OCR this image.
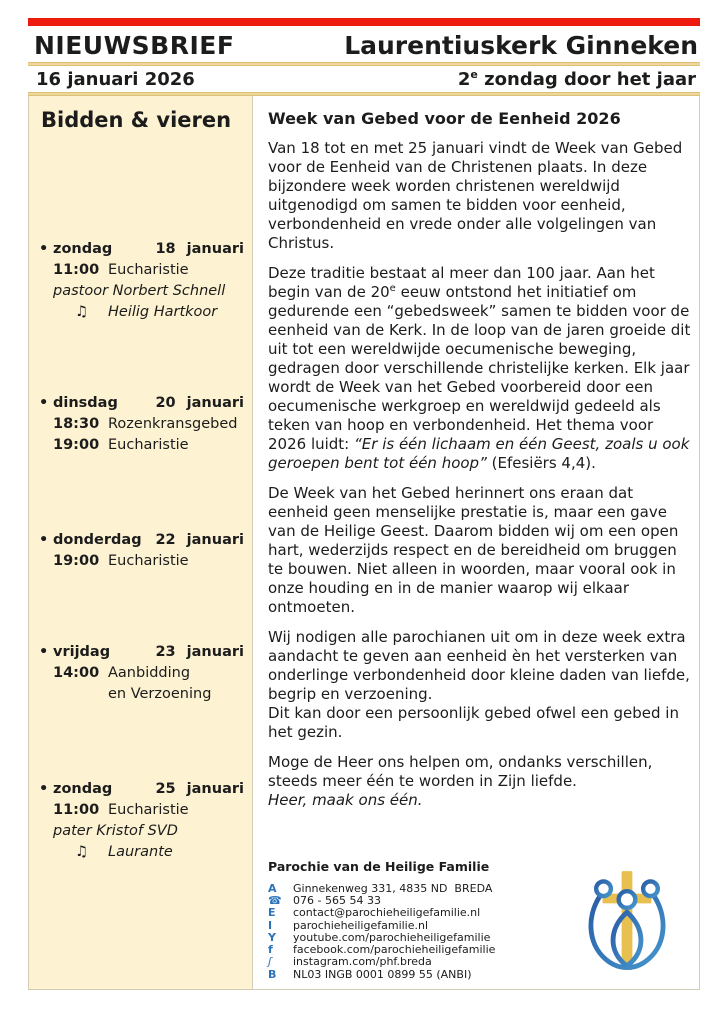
NIEUWSBRIEF	Laurentiuskerk Ginneken
16 januari 2026	2e zondag door het jaar
Bidden & vieren
• zondag	18 januari
11:00 Eucharistie
pastoor Norbert Schnell
♫	Heilig Hartkoor
• dinsdag	20 januari
18:30 Rozenkransgebed
19:00 Eucharistie
• donderdag 22 januari
19:00 Eucharistie
• vrijdag	23 januari
14:00 Aanbidding
en Verzoening
• zondag	25 januari
11:00 Eucharistie
pater Kristof SVD
♫	Laurante
Week van Gebed voor de Eenheid 2026

Van 18 tot en met 25 januari vindt de Week van Gebed voor de Eenheid van de Christenen plaats. In deze bijzondere week worden christenen wereldwijd uitgenodigd om samen te bidden voor eenheid, verbondenheid en vrede onder alle volgelingen van Christus.

Deze traditie bestaat al meer dan 100 jaar. Aan het begin van de 20e eeuw ontstond het initiatief om gedurende een “gebedsweek” samen te bidden voor de eenheid van de Kerk. In de loop van de jaren groeide dit uit tot een wereldwijde oecumenische beweging, gedragen door verschillende christelijke kerken. Elk jaar wordt de Week van het Gebed voorbereid door een oecumenische werkgroep en wereldwijd gedeeld als teken van hoop en verbondenheid. Het thema voor 2026 luidt: “Er is één lichaam en één Geest, zoals u ook geroepen bent tot één hoop” (Efesiërs 4,4).

De Week van het Gebed herinnert ons eraan dat eenheid geen menselijke prestatie is, maar een gave van de Heilige Geest. Daarom bidden wij om een open hart, wederzijds respect en de bereidheid om bruggen te bouwen. Niet alleen in woorden, maar vooral ook in onze houding en in de manier waarop wij elkaar ontmoeten.

Wij nodigen alle parochianen uit om in deze week extra aandacht te geven aan eenheid èn het versterken van onderlinge verbondenheid door kleine daden van liefde, begrip en verzoening.
Dit kan door een persoonlijk gebed ofwel een gebed in het gezin.

Moge de Heer ons helpen om, ondanks verschillen, steeds meer één te worden in Zijn liefde.
Heer, maak ons één.

Parochie van de Heilige Familie
A	Ginnekenweg 331, 4835 ND  BREDA
☎	076 - 565 54 33
E	contact@parochieheiligefamilie.nl
I	parochieheiligefamilie.nl
Y	youtube.com/parochieheiligefamilie
f	facebook.com/parochieheiligefamilie
ʃ	instagram.com/phf.breda
B	NL03 INGB 0001 0899 55 (ANBI)
